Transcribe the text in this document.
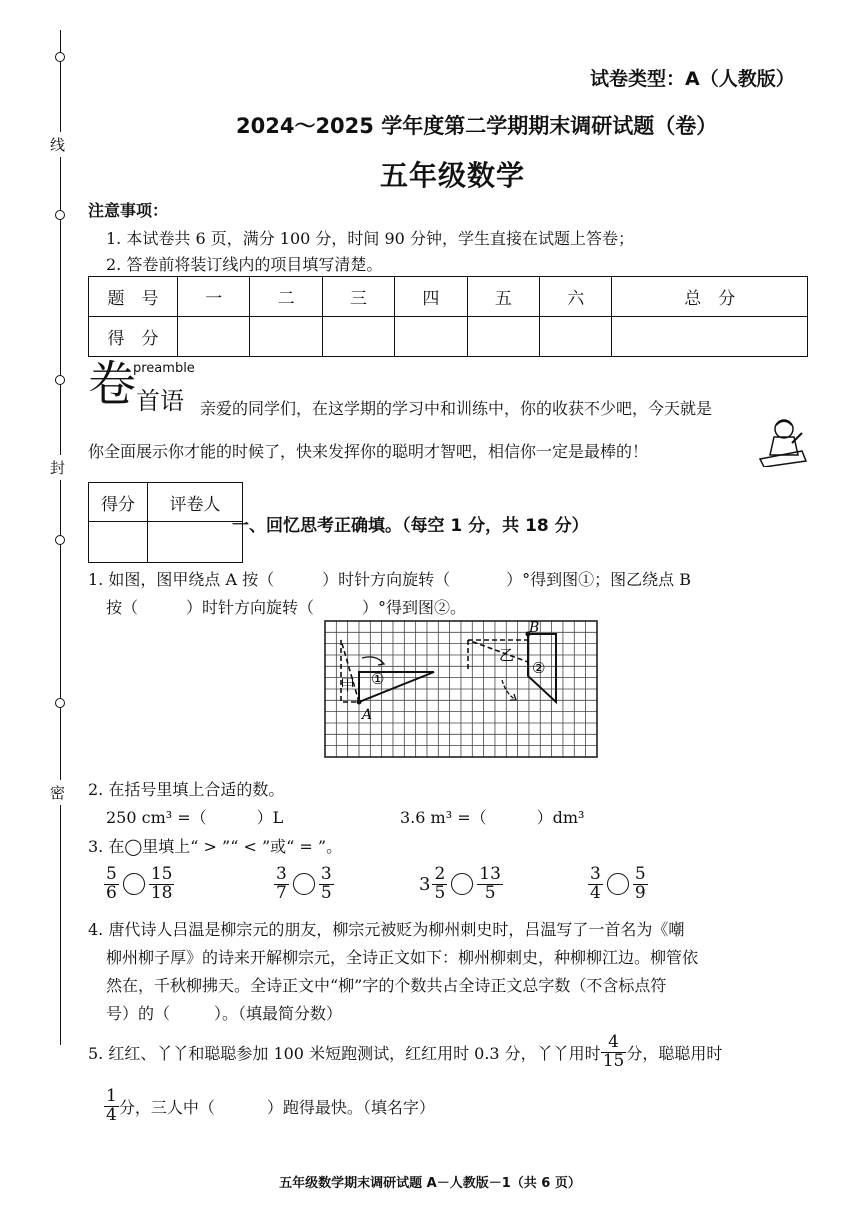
线
封
密
试卷类型：A（人教版）
2024～2025 学年度第二学期期末调研试题（卷）
五年级数学
注意事项：
1. 本试卷共 6 页，满分 100 分，时间 90 分钟，学生直接在试题上答卷；
2. 答卷前将装订线内的项目填写清楚。
题　号	一	二	三	四	五	六	总　分
得　分							
卷
preamble
首语 亲爱的同学们，在这学期的学习中和训练中，你的收获不少吧，今天就是
你全面展示你才能的时候了，快来发挥你的聪明才智吧，相信你一定是最棒的！
得分	评卷人

一、回忆思考正确填。（每空 1 分，共 18 分）
1. 如图，图甲绕点 A 按（	）时针方向旋转（	）°得到图①；图乙绕点 B
按（	）时针方向旋转（	）°得到图②。
甲 ①
A
乙
②
B
2. 在括号里填上合适的数。
250 cm³ =（	）L	3.6 m³ =（	）dm³
3. 在◯里填上“ > ”“ < ”或“ = ”。
$\frac{5}{6} \frac{15}{18}$	$\frac{3}{7} \frac{3}{5}$	$3 \frac{2}{5} \frac{13}{5}$	$\frac{3}{4} \frac{5}{9}$
4. 唐代诗人吕温是柳宗元的朋友，柳宗元被贬为柳州刺史时，吕温写了一首名为《嘲
柳州柳子厚》的诗来开解柳宗元，全诗正文如下：柳州柳刺史，种柳柳江边。柳管依
然在，千秋柳拂天。全诗正文中“柳”字的个数共占全诗正文总字数（不含标点符
号）的（	）。（填最简分数）
5. 红红、丫丫和聪聪参加 100 米短跑测试，红红用时 0.3 分，丫丫用时 $\frac{4}{15}$ 分，聪聪用时
$\frac{1}{4}$ 分，三人中（	）跑得最快。（填名字）
五年级数学期末调研试题 A－人教版－1（共 6 页）
